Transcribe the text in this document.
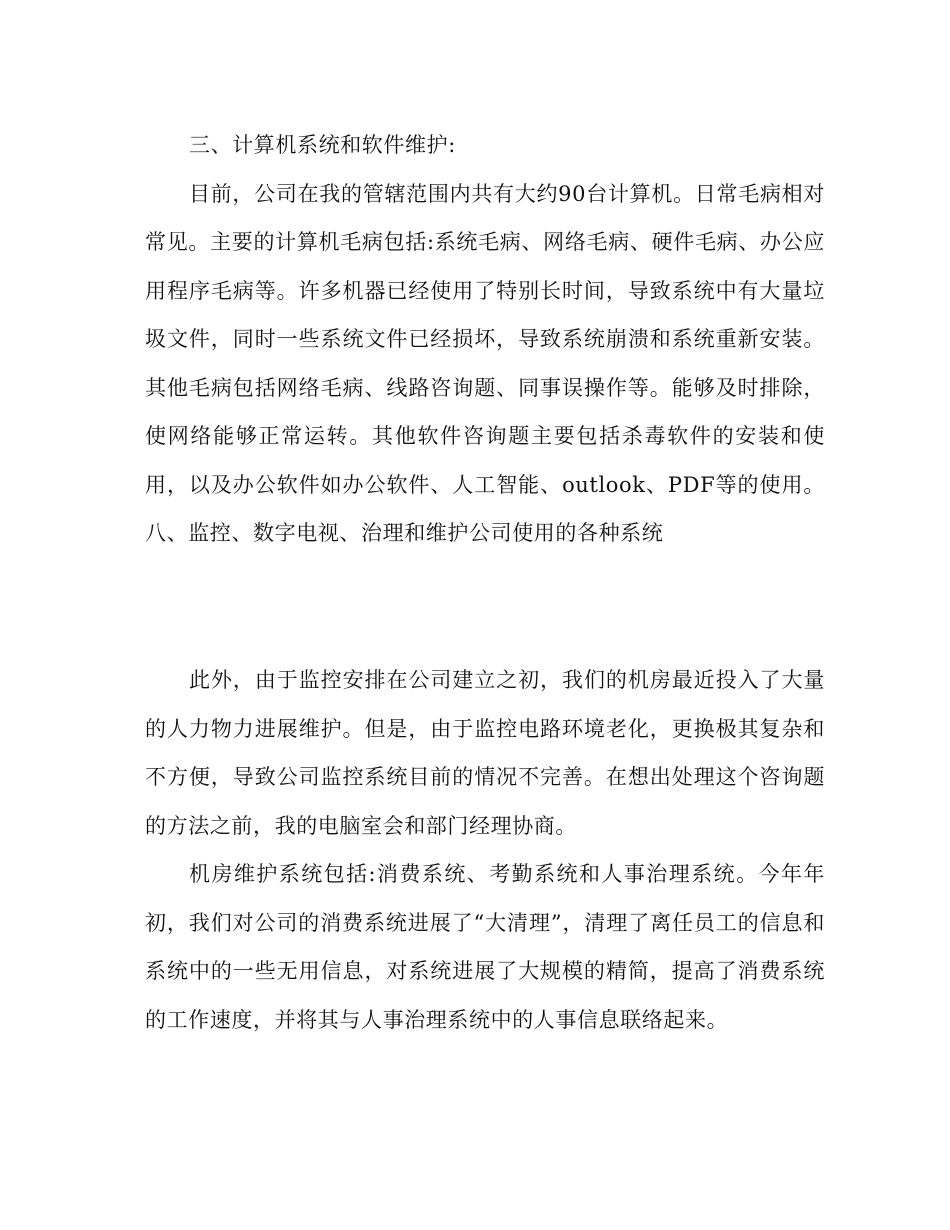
三、计算机系统和软件维护:

目前，公司在我的管辖范围内共有大约90台计算机。日常毛病相对常见。主要的计算机毛病包括:系统毛病、网络毛病、硬件毛病、办公应用程序毛病等。许多机器已经使用了特别长时间，导致系统中有大量垃圾文件，同时一些系统文件已经损坏，导致系统崩溃和系统重新安装。其他毛病包括网络毛病、线路咨询题、同事误操作等。能够及时排除，使网络能够正常运转。其他软件咨询题主要包括杀毒软件的安装和使用，以及办公软件如办公软件、人工智能、outlook、PDF等的使用。八、监控、数字电视、治理和维护公司使用的各种系统

此外，由于监控安排在公司建立之初，我们的机房最近投入了大量的人力物力进展维护。但是，由于监控电路环境老化，更换极其复杂和不方便，导致公司监控系统目前的情况不完善。在想出处理这个咨询题的方法之前，我的电脑室会和部门经理协商。

机房维护系统包括:消费系统、考勤系统和人事治理系统。今年年初，我们对公司的消费系统进展了“大清理”，清理了离任员工的信息和系统中的一些无用信息，对系统进展了大规模的精简，提高了消费系统的工作速度，并将其与人事治理系统中的人事信息联络起来。
